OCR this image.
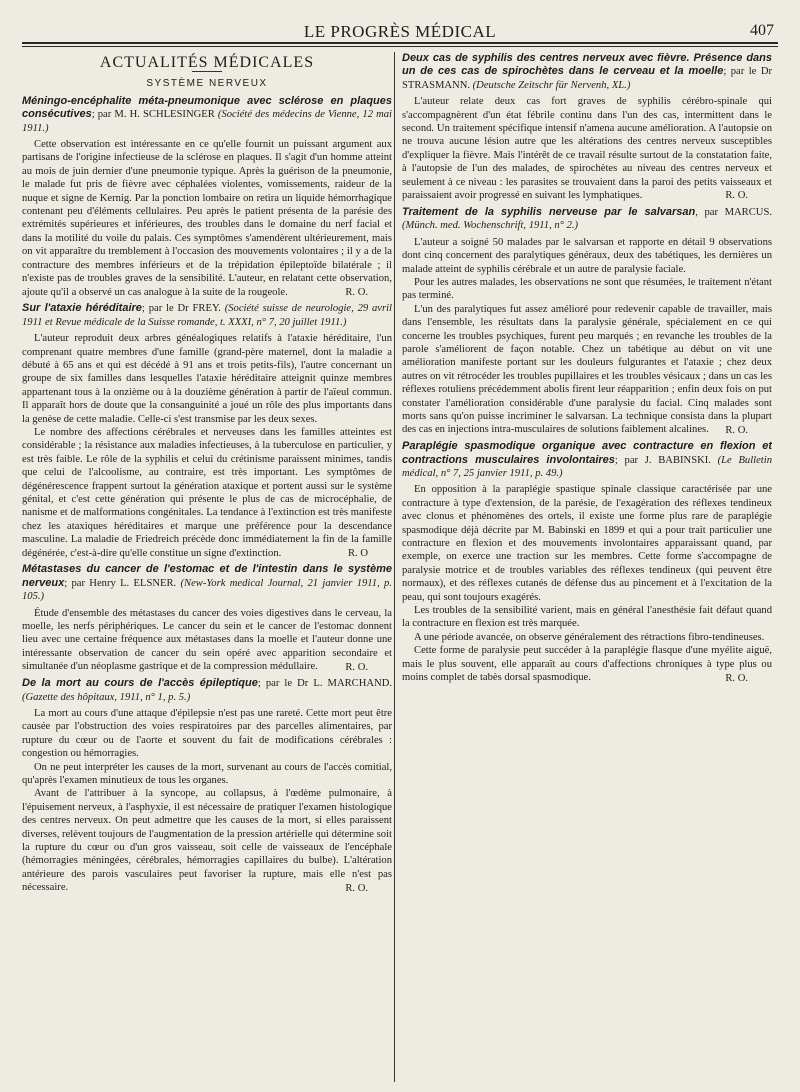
LE PROGRÈS MÉDICAL	407
ACTUALITÉS MÉDICALES
SYSTÈME NERVEUX
Méningo-encéphalite méta-pneumonique avec sclérose en plaques consécutives; par M. H. SCHLESINGER (Société des médecins de Vienne, 12 mai 1911.)

Cette observation est intéressante en ce qu'elle fournit un puissant argument aux partisans de l'origine infectieuse de la sclérose en plaques. Il s'agit d'un homme atteint au mois de juin dernier d'une pneumonie typique. Après la guérison de la pneumonie, le malade fut pris de fièvre avec céphalées violentes, vomissements, raideur de la nuque et signe de Kernig. Par la ponction lombaire on retira un liquide hémorrhagique contenant peu d'éléments cellulaires. Peu après le patient présenta de la parésie des extrémités supérieures et inférieures, des troubles dans le domaine du nerf facial et dans la motilité du voile du palais. Ces symptômes s'amendèrent ultérieurement, mais on vit apparaître du tremblement à l'occasion des mouvements volontaires ; il y a de la contracture des membres inférieurs et de la trépidation épileptoïde bilatérale ; il n'existe pas de troubles graves de la sensibilité. L'auteur, en relatant cette observation, ajoute qu'il a observé un cas analogue à la suite de la rougeole.	R. O.
Sur l'ataxie héréditaire; par le Dr FREY. (Société suisse de neurologie, 29 avril 1911 et Revue médicale de la Suisse romande, t. XXXI, n° 7, 20 juillet 1911.)

L'auteur reproduit deux arbres généalogiques relatifs à l'ataxie héréditaire, l'un comprenant quatre membres d'une famille (grand-père maternel, dont la maladie a débuté à 65 ans et qui est décédé à 91 ans et trois petits-fils), l'autre concernant un groupe de six familles dans lesquelles l'ataxie héréditaire atteignit quinze membres appartenant tous à la onzième ou à la douzième génération à partir de l'aïeul commun. Il apparaît hors de doute que la consanguinité a joué un rôle des plus importants dans la genèse de cette maladie. Celle-ci s'est transmise par les deux sexes.

Le nombre des affections cérébrales et nerveuses dans les familles atteintes est considérable ; la résistance aux maladies infectieuses, à la tuberculose en particulier, y est très faible. Le rôle de la syphilis et celui du crétinisme paraissent minimes, tandis que celui de l'alcoolisme, au contraire, est très important. Les symptômes de dégénérescence frappent surtout la génération ataxique et portent aussi sur le système génital, et c'est cette génération qui présente le plus de cas de microcéphalie, de nanisme et de malformations congénitales. La tendance à l'extinction est très manifeste chez les ataxiques héréditaires et marque une préférence pour la descendance masculine. La maladie de Friedreich précède donc immédiatement la fin de la famille dégénérée, c'est-à-dire qu'elle constitue un signe d'extinction.	R. O
Métastases du cancer de l'estomac et de l'intestin dans le système nerveux; par Henry L. ELSNER. (New-York medical Journal, 21 janvier 1911, p. 105.)

Étude d'ensemble des métastases du cancer des voies digestives dans le cerveau, la moelle, les nerfs périphériques. Le cancer du sein et le cancer de l'estomac donnent lieu avec une certaine fréquence aux métastases dans la moelle et l'auteur donne une intéressante observation de cancer du sein opéré avec apparition secondaire et simultanée d'un néoplasme gastrique et de la compression médullaire.	R. O.
De la mort au cours de l'accès épileptique; par le Dr L. MARCHAND. (Gazette des hôpitaux, 1911, n° 1, p. 5.)

La mort au cours d'une attaque d'épilepsie n'est pas une rareté. Cette mort peut être causée par l'obstruction des voies respiratoires par des parcelles alimentaires, par rupture du cœur ou de l'aorte et souvent du fait de modifications cérébrales : congestion ou hémorragies.

On ne peut interpréter les causes de la mort, survenant au cours de l'accès comitial, qu'après l'examen minutieux de tous les organes.

Avant de l'attribuer à la syncope, au collapsus, à l'œdème pulmonaire, à l'épuisement nerveux, à l'asphyxie, il est nécessaire de pratiquer l'examen histologique des centres nerveux. On peut admettre que les causes de la mort, si elles paraissent diverses, relèvent toujours de l'augmentation de la pression artérielle qui détermine soit la rupture du cœur ou d'un gros vaisseau, soit celle de vaisseaux de l'encéphale (hémorragies méningées, cérébrales, hémorragies capillaires du bulbe). L'altération antérieure des parois vasculaires peut favoriser la rupture, mais elle n'est pas nécessaire.	R. O.
Deux cas de syphilis des centres nerveux avec fièvre. Présence dans un de ces cas de spirochètes dans le cerveau et la moelle; par le Dr STRASMANN. (Deutsche Zeitschr für Nervenh, XL.)

L'auteur relate deux cas fort graves de syphilis cérébro-spinale qui s'accompagnèrent d'un état fébrile continu dans l'un des cas, intermittent dans le second. Un traitement spécifique intensif n'amena aucune amélioration. A l'autopsie on ne trouva aucune lésion autre que les altérations des centres nerveux susceptibles d'expliquer la fièvre. Mais l'intérêt de ce travail résulte surtout de la constatation faite, à l'autopsie de l'un des malades, de spirochètes au niveau des centres nerveux et seulement à ce niveau : les parasites se trouvaient dans la paroi des petits vaisseaux et paraissaient avoir progressé en suivant les lymphatiques.	R. O.
Traitement de la syphilis nerveuse par le salvarsan, par MARCUS. (Münch. med. Wochenschrift, 1911, n° 2.)

L'auteur a soigné 50 malades par le salvarsan et rapporte en détail 9 observations dont cinq concernent des paralytiques généraux, deux des tabétiques, les dernières un malade atteint de syphilis cérébrale et un autre de paralysie faciale.

Pour les autres malades, les observations ne sont que résumées, le traitement n'étant pas terminé.

L'un des paralytiques fut assez amélioré pour redevenir capable de travailler, mais dans l'ensemble, les résultats dans la paralysie générale, spécialement en ce qui concerne les troubles psychiques, furent peu marqués ; en revanche les troubles de la parole s'améliorent de façon notable. Chez un tabétique au début on vit une amélioration manifeste portant sur les douleurs fulgurantes et l'ataxie ; chez deux autres on vit rétrocéder les troubles pupillaires et les troubles vésicaux ; dans un cas les réflexes rotuliens précédemment abolis firent leur réapparition ; enfin deux fois on put constater l'amélioration considérable d'une paralysie du facial. Cinq malades sont morts sans qu'on puisse incriminer le salvarsan. La technique consista dans la plupart des cas en injections intra-musculaires de solutions faiblement alcalines.	R. O.
Paraplégie spasmodique organique avec contracture en flexion et contractions musculaires involontaires; par J. BABINSKI. (Le Bulletin médical, n° 7, 25 janvier 1911, p. 49.)

En opposition à la paraplégie spastique spinale classique caractérisée par une contracture à type d'extension, de la parésie, de l'exagération des réflexes tendineux avec clonus et phénomènes des ortels, il existe une forme plus rare de paraplégie spasmodique déjà décrite par M. Babinski en 1899 et qui a pour trait particulier une contracture en flexion et des mouvements involontaires apparaissant quand, par exemple, on exerce une traction sur les membres. Cette forme s'accompagne de paralysie motrice et de troubles variables des réflexes tendineux (qui peuvent être normaux), et des réflexes cutanés de défense dus au pincement et à l'excitation de la peau, qui sont toujours exagérés.

Les troubles de la sensibilité varient, mais en général l'anesthésie fait défaut quand la contracture en flexion est très marquée.

A une période avancée, on observe généralement des rétractions fibro-tendineuses.

Cette forme de paralysie peut succéder à la paraplégie flasque d'une myélite aiguë, mais le plus souvent, elle apparaît au cours d'affections chroniques à type plus ou moins complet de tabès dorsal spasmodique.	R. O.
